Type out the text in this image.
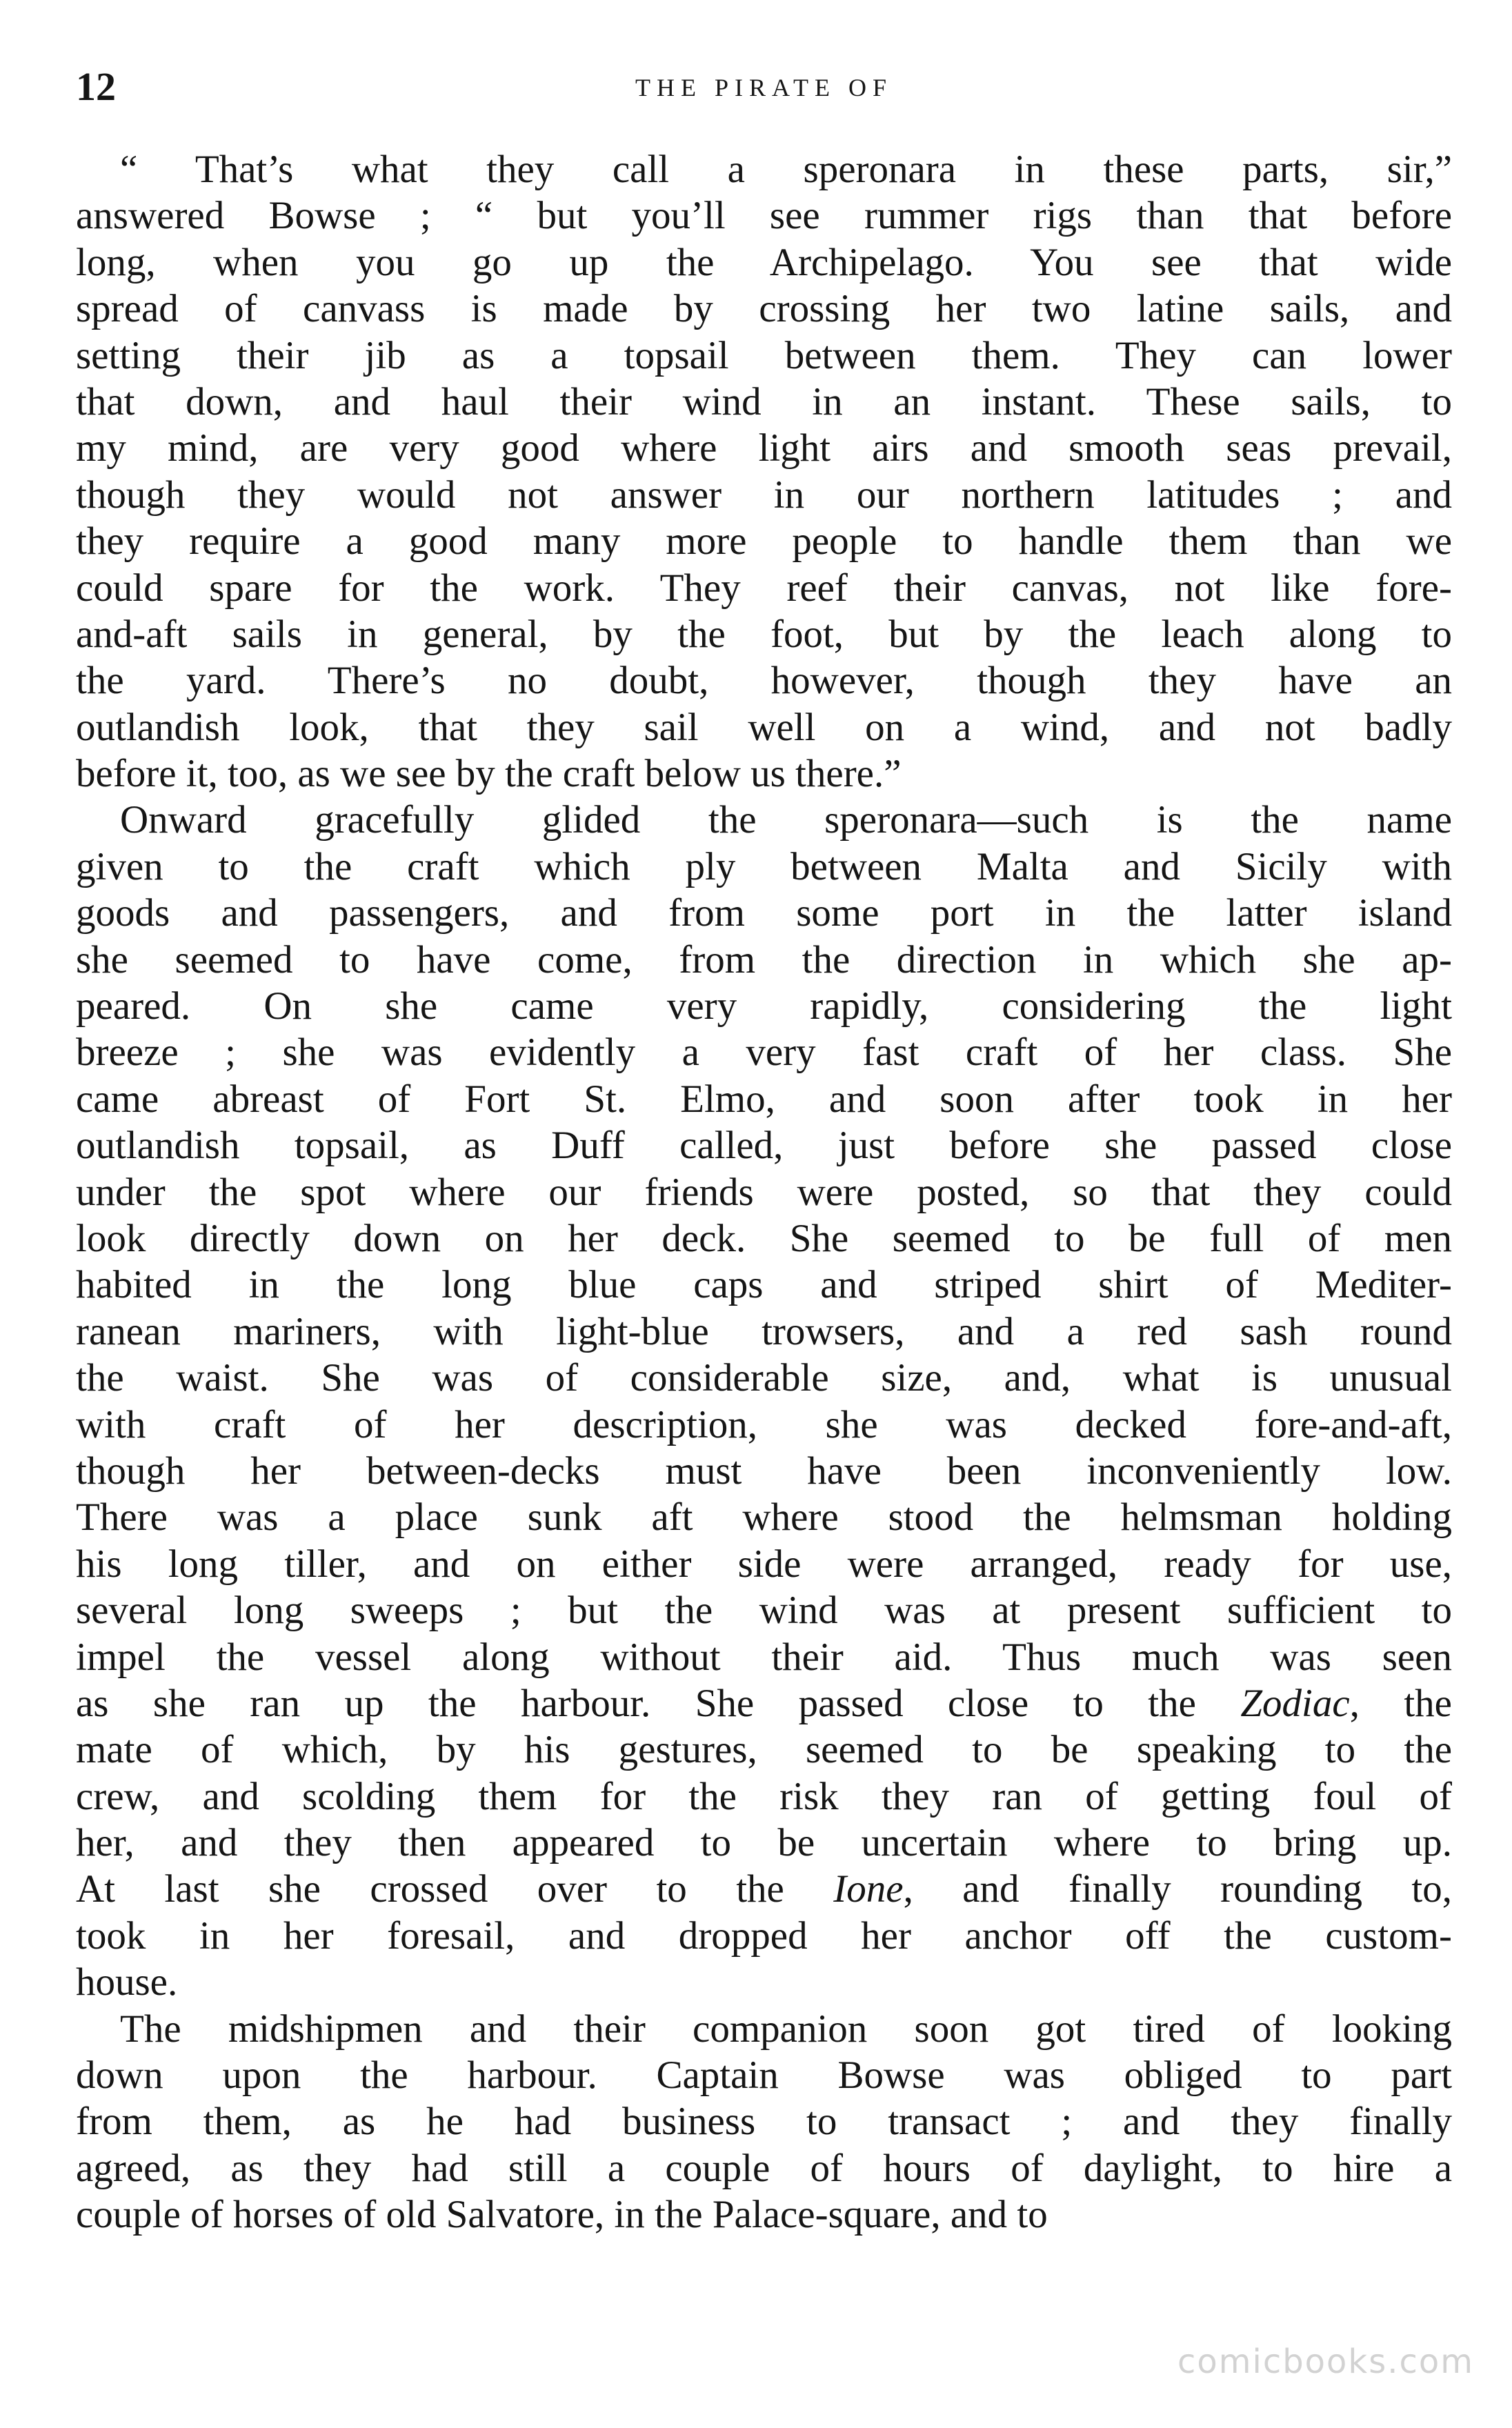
12	THE PIRATE OF
“ That’s what they call a speronara in these parts, sir,”
answered Bowse ; “ but you’ll see rummer rigs than that before
long, when you go up the Archipelago. You see that wide
spread of canvass is made by crossing her two latine sails, and
setting their jib as a topsail between them. They can lower
that down, and haul their wind in an instant. These sails, to
my mind, are very good where light airs and smooth seas prevail,
though they would not answer in our northern latitudes ; and
they require a good many more people to handle them than we
could spare for the work. They reef their canvas, not like fore-
and-aft sails in general, by the foot, but by the leach along to
the yard. There’s no doubt, however, though they have an
outlandish look, that they sail well on a wind, and not badly
before it, too, as we see by the craft below us there.”
Onward gracefully glided the speronara—such is the name
given to the craft which ply between Malta and Sicily with
goods and passengers, and from some port in the latter island
she seemed to have come, from the direction in which she ap-
peared. On she came very rapidly, considering the light
breeze ; she was evidently a very fast craft of her class. She
came abreast of Fort St. Elmo, and soon after took in her
outlandish topsail, as Duff called, just before she passed close
under the spot where our friends were posted, so that they could
look directly down on her deck. She seemed to be full of men
habited in the long blue caps and striped shirt of Mediter-
ranean mariners, with light-blue trowsers, and a red sash round
the waist. She was of considerable size, and, what is unusual
with craft of her description, she was decked fore-and-aft,
though her between-decks must have been inconveniently low.
There was a place sunk aft where stood the helmsman holding
his long tiller, and on either side were arranged, ready for use,
several long sweeps ; but the wind was at present sufficient to
impel the vessel along without their aid. Thus much was seen
as she ran up the harbour. She passed close to the Zodiac, the
mate of which, by his gestures, seemed to be speaking to the
crew, and scolding them for the risk they ran of getting foul of
her, and they then appeared to be uncertain where to bring up.
At last she crossed over to the Ione, and finally rounding to,
took in her foresail, and dropped her anchor off the custom-
house.
The midshipmen and their companion soon got tired of looking
down upon the harbour. Captain Bowse was obliged to part
from them, as he had business to transact ; and they finally
agreed, as they had still a couple of hours of daylight, to hire a
couple of horses of old Salvatore, in the Palace-square, and to
comicbooks.com
